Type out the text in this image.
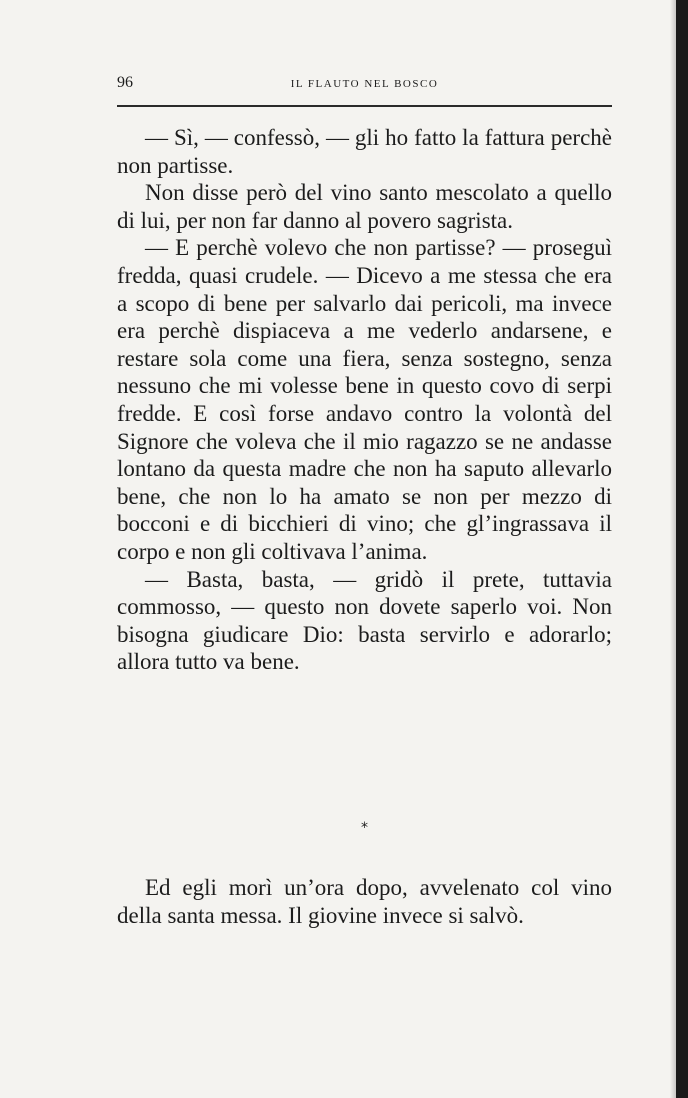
96	IL FLAUTO NEL BOSCO

— Sì, — confessò, — gli ho fatto la fattura perchè non partisse.

Non disse però del vino santo mescolato a quello di lui, per non far danno al povero sagrista.

— E perchè volevo che non partisse? — proseguì fredda, quasi crudele. — Dicevo a me stessa che era a scopo di bene per salvarlo dai pericoli, ma invece era perchè dispiaceva a me vederlo andarsene, e restare sola come una fiera, senza sostegno, senza nessuno che mi volesse bene in questo covo di serpi fredde. E così forse andavo contro la volontà del Signore che voleva che il mio ragazzo se ne andasse lontano da questa madre che non ha saputo allevarlo bene, che non lo ha amato se non per mezzo di bocconi e di bicchieri di vino; che gl’ingrassava il corpo e non gli coltivava l’anima.

— Basta, basta, — gridò il prete, tuttavia commosso, — questo non dovete saperlo voi. Non bisogna giudicare Dio: basta servirlo e adorarlo; allora tutto va bene.

*

Ed egli morì un’ora dopo, avvelenato col vino della santa messa. Il giovine invece si salvò.
